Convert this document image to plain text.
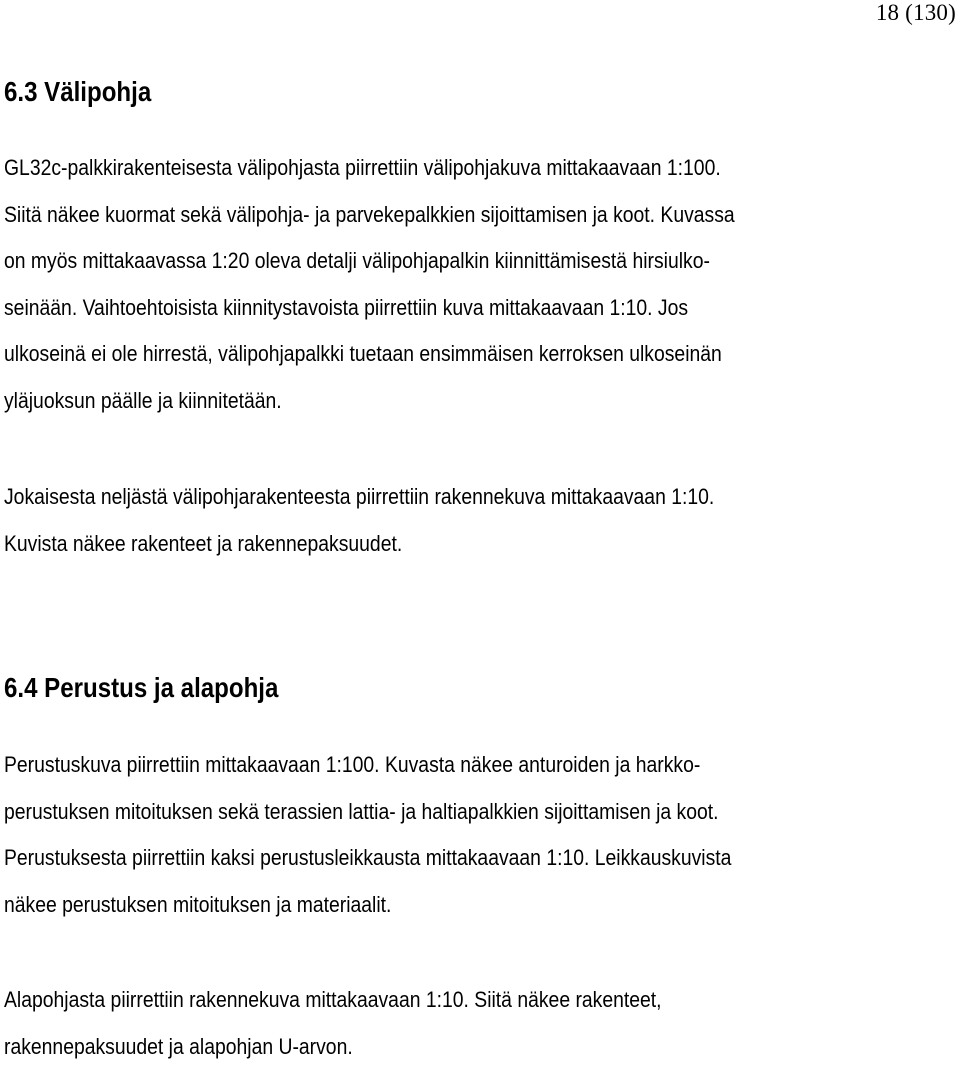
18 (130)
6.3 Välipohja

GL32c-palkkirakenteisesta välipohjasta piirrettiin välipohjakuva mittakaavaan 1:100.
Siitä näkee kuormat sekä välipohja- ja parvekepalkkien sijoittamisen ja koot. Kuvassa
on myös mittakaavassa 1:20 oleva detalji välipohjapalkin kiinnittämisestä hirsiulko-
seinään. Vaihtoehtoisista kiinnitystavoista piirrettiin kuva mittakaavaan 1:10. Jos
ulkoseinä ei ole hirrestä, välipohjapalkki tuetaan ensimmäisen kerroksen ulkoseinän
yläjuoksun päälle ja kiinnitetään.

Jokaisesta neljästä välipohjarakenteesta piirrettiin rakennekuva mittakaavaan 1:10.
Kuvista näkee rakenteet ja rakennepaksuudet.

6.4 Perustus ja alapohja

Perustuskuva piirrettiin mittakaavaan 1:100. Kuvasta näkee anturoiden ja harkko-
perustuksen mitoituksen sekä terassien lattia- ja haltiapalkkien sijoittamisen ja koot.
Perustuksesta piirrettiin kaksi perustusleikkausta mittakaavaan 1:10. Leikkauskuvista
näkee perustuksen mitoituksen ja materiaalit.

Alapohjasta piirrettiin rakennekuva mittakaavaan 1:10. Siitä näkee rakenteet,
rakennepaksuudet ja alapohjan U-arvon.
